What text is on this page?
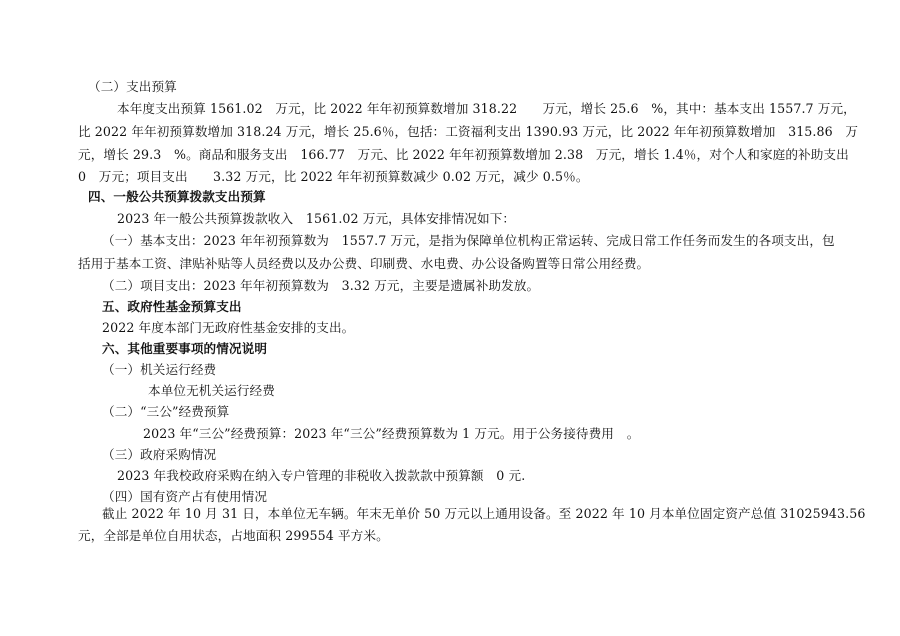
（二）支出预算
本年度支出预算 1561.02　万元，比 2022 年年初预算数增加 318.22　　万元，增长 25.6　%，其中：基本支出 1557.7 万元，
比 2022 年年初预算数增加 318.24 万元，增长 25.6％，包括：工资福利支出 1390.93 万元，比 2022 年年初预算数增加　315.86　万
元，增长 29.3　%。商品和服务支出　166.77　万元、比 2022 年年初预算数增加 2.38　万元，增长 1.4％，对个人和家庭的补助支出
0　万元；项目支出　　3.32 万元，比 2022 年年初预算数减少 0.02 万元，减少 0.5％。
四、一般公共预算拨款支出预算
2023 年一般公共预算拨款收入　1561.02 万元，具体安排情况如下：
（一）基本支出：2023 年年初预算数为　1557.7 万元，是指为保障单位机构正常运转、完成日常工作任务而发生的各项支出，包
括用于基本工资、津贴补贴等人员经费以及办公费、印刷费、水电费、办公设备购置等日常公用经费。
（二）项目支出：2023 年年初预算数为　3.32 万元，主要是遗属补助发放。
五、政府性基金预算支出
2022 年度本部门无政府性基金安排的支出。
六、其他重要事项的情况说明
（一）机关运行经费
本单位无机关运行经费
（二）“三公”经费预算
2023 年“三公”经费预算：2023 年“三公”经费预算数为 1 万元。用于公务接待费用　。
（三）政府采购情况
2023 年我校政府采购在纳入专户管理的非税收入拨款款中预算额　0 元.
（四）国有资产占有使用情况
截止 2022 年 10 月 31 日，本单位无车辆。年末无单价 50 万元以上通用设备。至 2022 年 10 月本单位固定资产总值 31025943.56
元，全部是单位自用状态，占地面积 299554 平方米。
